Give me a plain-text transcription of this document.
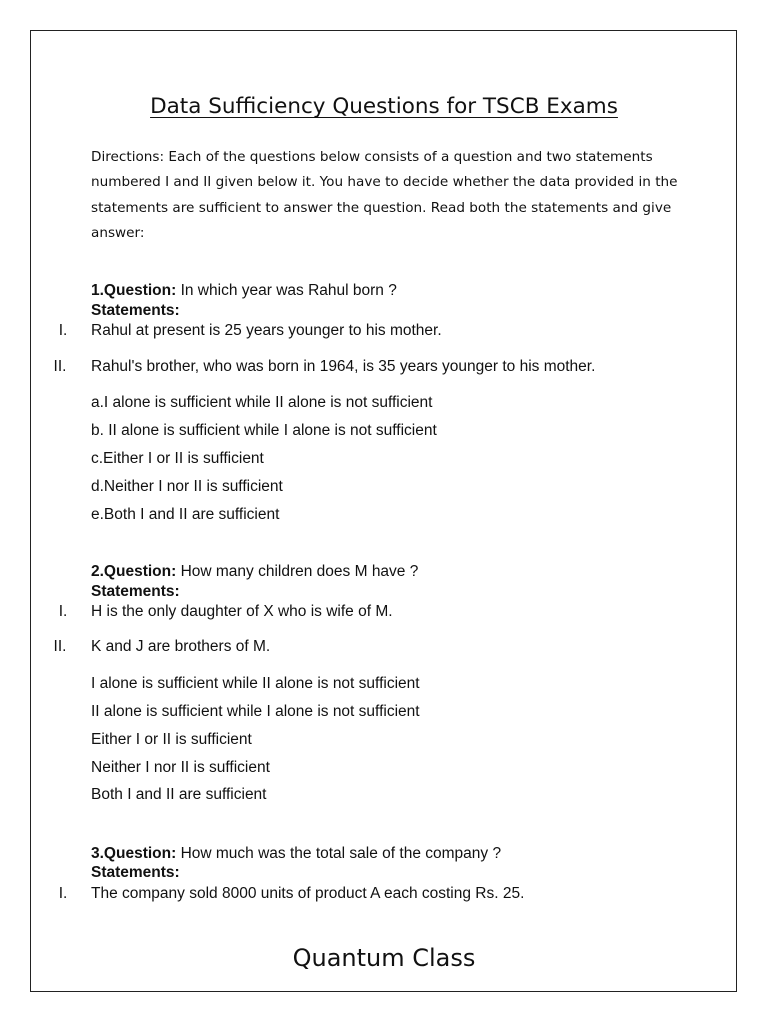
Data Sufficiency Questions for TSCB Exams
Directions: Each of the questions below consists of a question and two statements numbered I and II given below it. You have to decide whether the data provided in the statements are sufficient to answer the question. Read both the statements and give answer:
1.Question: In which year was Rahul born ?
Statements:
I.	Rahul at present is 25 years younger to his mother.
II.	Rahul's brother, who was born in 1964, is 35 years younger to his mother.
a.I alone is sufficient while II alone is not sufficient
b. II alone is sufficient while I alone is not sufficient
c.Either I or II is sufficient
d.Neither I nor II is sufficient
e.Both I and II are sufficient
2.Question: How many children does M have ?
Statements:
I.	H is the only daughter of X who is wife of M.
II.	K and J are brothers of M.
I alone is sufficient while II alone is not sufficient
II alone is sufficient while I alone is not sufficient
Either I or II is sufficient
Neither I nor II is sufficient
Both I and II are sufficient
3.Question: How much was the total sale of the company ?
Statements:
I.	The company sold 8000 units of product A each costing Rs. 25.
Quantum Class
